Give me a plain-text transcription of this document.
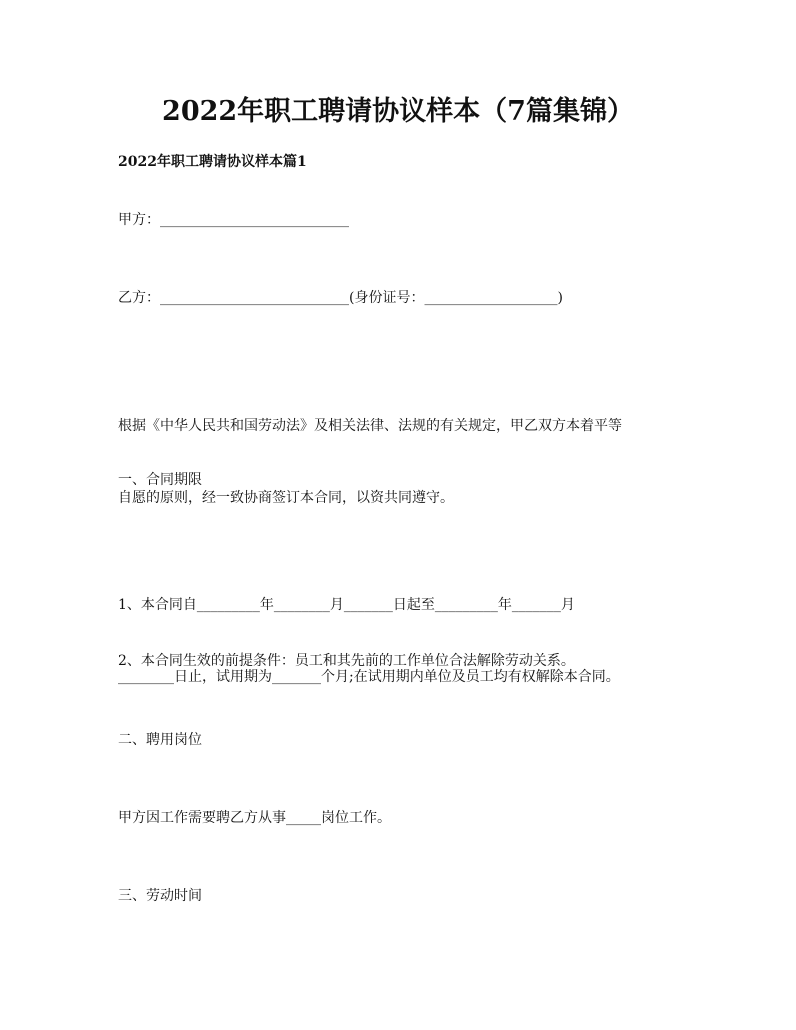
2022年职工聘请协议样本（7篇集锦）
2022年职工聘请协议样本篇1
甲方：___________________________
乙方：___________________________(身份证号：___________________)

根据《中华人民共和国劳动法》及相关法律、法规的有关规定，甲乙双方本着平等

自愿的原则，经一致协商签订本合同，以资共同遵守。

一、合同期限

1、本合同自_________年________月_______日起至_________年_______月

________日止，试用期为_______个月;在试用期内单位及员工均有权解除本合同。

2、本合同生效的前提条件：员工和其先前的工作单位合法解除劳动关系。
二、聘用岗位
甲方因工作需要聘乙方从事_____岗位工作。
三、劳动时间
